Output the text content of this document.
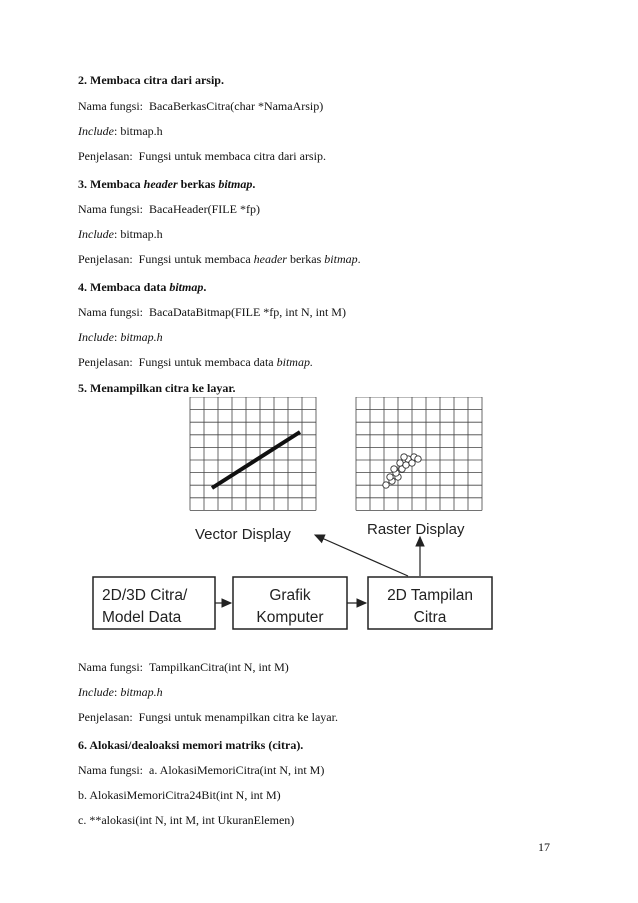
2. Membaca citra dari arsip.
Nama fungsi: BacaBerkasCitra(char *NamaArsip)
Include: bitmap.h
Penjelasan: Fungsi untuk membaca citra dari arsip.
3. Membaca header berkas bitmap.
Nama fungsi: BacaHeader(FILE *fp)
Include: bitmap.h
Penjelasan: Fungsi untuk membaca header berkas bitmap.
4. Membaca data bitmap.
Nama fungsi: BacaDataBitmap(FILE *fp, int N, int M)
Include: bitmap.h
Penjelasan: Fungsi untuk membaca data bitmap.
5. Menampilkan citra ke layar.
Vector Display	Raster Display
2D/3D Citra/
Model Data
Grafik
Komputer
2D Tampilan
Citra
Nama fungsi: TampilkanCitra(int N, int M)
Include: bitmap.h
Penjelasan: Fungsi untuk menampilkan citra ke layar.
6. Alokasi/dealoaksi memori matriks (citra).
Nama fungsi: a. AlokasiMemoriCitra(int N, int M)
b. AlokasiMemoriCitra24Bit(int N, int M)
c. **alokasi(int N, int M, int UkuranElemen)
17
